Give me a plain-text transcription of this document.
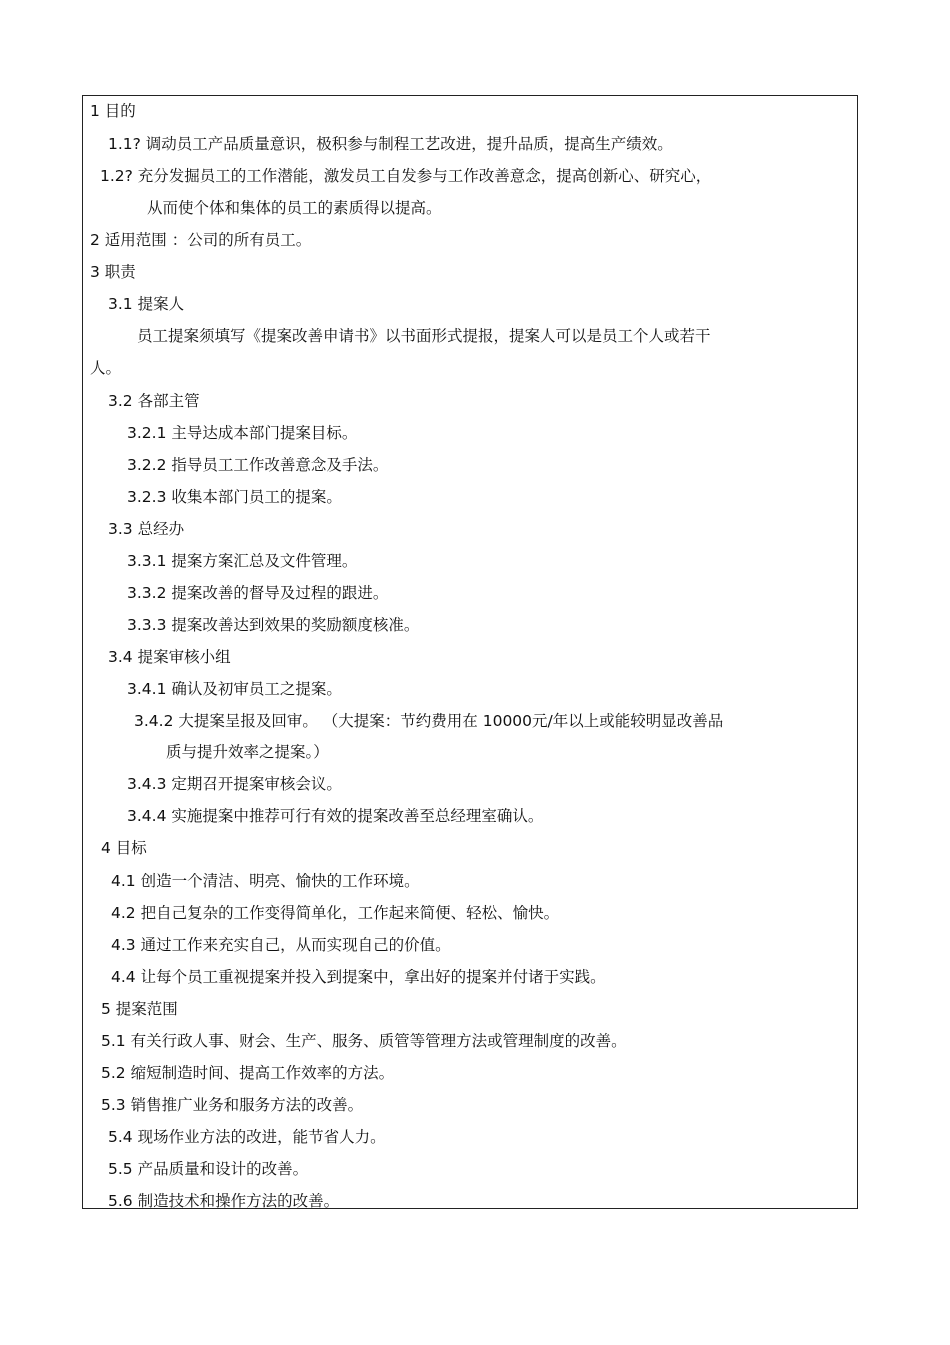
1 目的
1.1? 调动员工产品质量意识，极积参与制程工艺改进，提升品质，提高生产绩效。
1.2? 充分发掘员工的工作潜能，激发员工自发参与工作改善意念，提高创新心、研究心，
从而使个体和集体的员工的素质得以提高。
2 适用范围 ：公司的所有员工。
3 职责
3.1 提案人
员工提案须填写《提案改善申请书》以书面形式提报，提案人可以是员工个人或若干
人。
3.2 各部主管
3.2.1 主导达成本部门提案目标。
3.2.2 指导员工工作改善意念及手法。
3.2.3 收集本部门员工的提案。
3.3 总经办
3.3.1 提案方案汇总及文件管理。
3.3.2 提案改善的督导及过程的跟进。
3.3.3 提案改善达到效果的奖励额度核准。
3.4 提案审核小组
3.4.1 确认及初审员工之提案。
3.4.2 大提案呈报及回审。 （大提案：节约费用在 10000元/年以上或能较明显改善品
质与提升效率之提案。）
3.4.3 定期召开提案审核会议。
3.4.4 实施提案中推荐可行有效的提案改善至总经理室确认。
4 目标
4.1 创造一个清洁、明亮、愉快的工作环境。
4.2 把自己复杂的工作变得简单化，工作起来简便、轻松、愉快。
4.3 通过工作来充实自己，从而实现自己的价值。
4.4 让每个员工重视提案并投入到提案中，拿出好的提案并付诸于实践。
5 提案范围
5.1 有关行政人事、财会、生产、服务、质管等管理方法或管理制度的改善。
5.2 缩短制造时间、提高工作效率的方法。
5.3 销售推广业务和服务方法的改善。
5.4 现场作业方法的改进，能节省人力。
5.5 产品质量和设计的改善。
5.6 制造技术和操作方法的改善。
